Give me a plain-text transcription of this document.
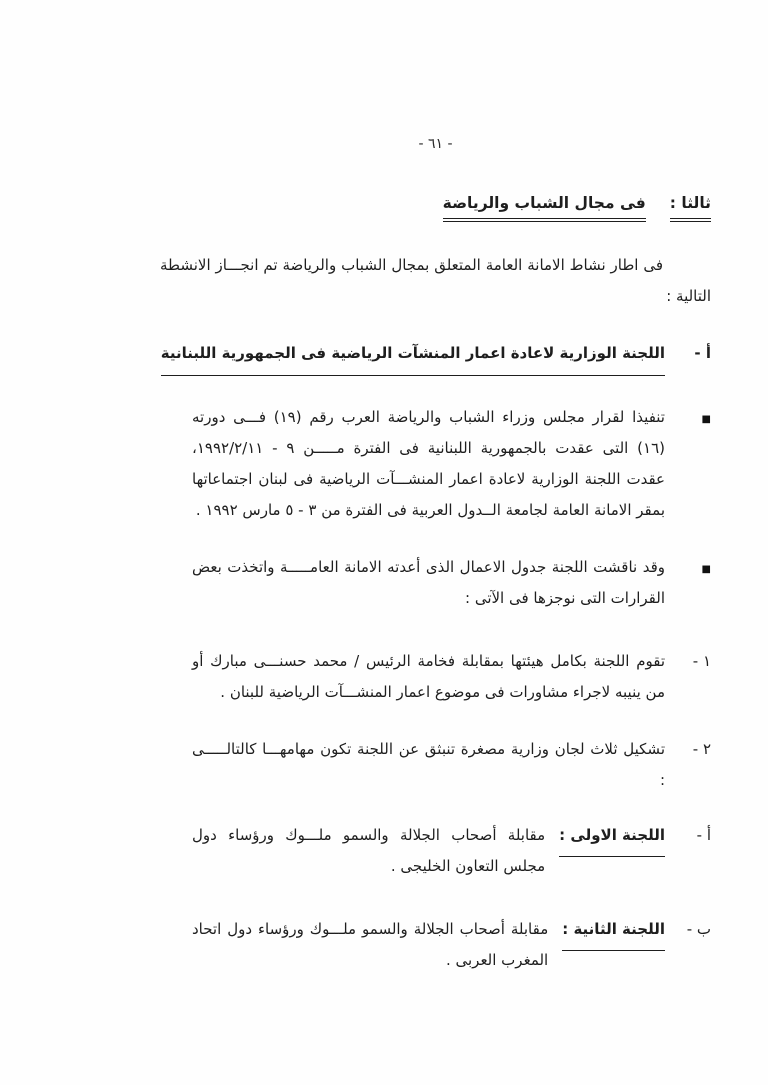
- ٦١ -
ثالثا :
فى مجال الشباب والرياضة
فى اطار نشاط الامانة العامة المتعلق بمجال الشباب والرياضة تم انجـــاز الانشطة التالية :
أ -
اللجنة الوزارية لاعادة اعمار المنشآت الرياضية فى الجمهورية اللبنانية
■
تنفيذا لقرار مجلس وزراء الشباب والرياضة العرب رقم (١٩) فـــى دورته (١٦) التى عقدت بالجمهورية اللبنانية فى الفترة مـــــن ٩ - ١٩٩٢/٢/١١، عقدت اللجنة الوزارية لاعادة اعمار المنشـــآت الرياضية فى لبنان اجتماعاتها بمقر الامانة العامة لجامعة الــدول العربية فى الفترة من ٣ - ٥ مارس ١٩٩٢ .
■
وقد ناقشت اللجنة جدول الاعمال الذى أعدته الامانة العامـــــة واتخذت بعض القرارات التى نوجزها فى الآتى :
١ -
تقوم اللجنة بكامل هيئتها بمقابلة فخامة الرئيس / محمد حسنـــى مبارك أو من ينيبه لاجراء مشاورات فى موضوع اعمار المنشـــآت الرياضية للبنان .
٢ -
تشكيل ثلاث لجان وزارية مصغرة تنبثق عن اللجنة تكون مهامهـــا كالتالـــــى :
أ -
اللجنة الاولى :
مقابلة أصحاب الجلالة والسمو ملـــوك ورؤساء دول مجلس التعاون الخليجى .
ب -
اللجنة الثانية :
مقابلة أصحاب الجلالة والسمو ملـــوك ورؤساء دول اتحاد المغرب العربى .
